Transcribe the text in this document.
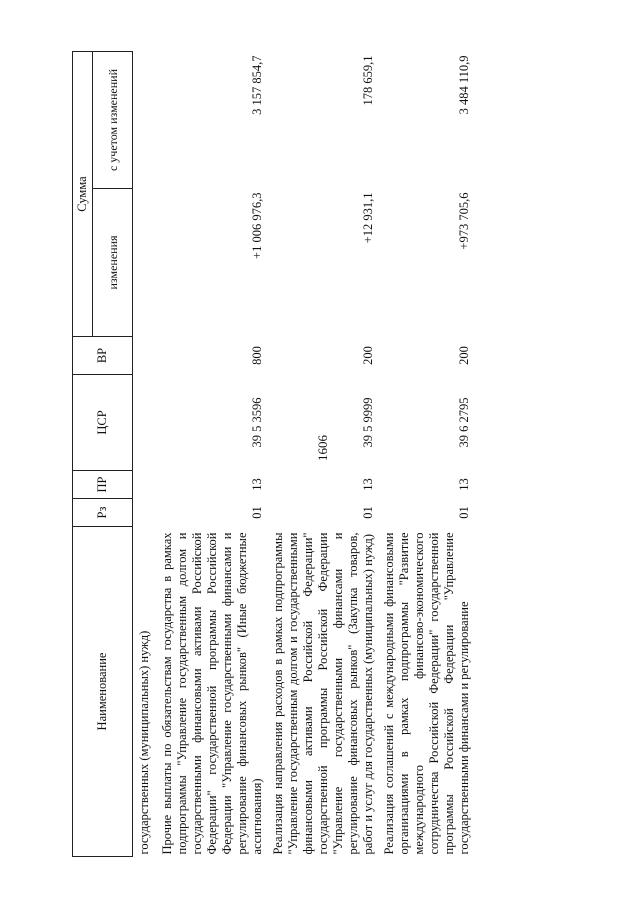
1606
Наименование	Рз	ПР	ЦСР	ВР	Сумма	
					изменения	с учетом изменений
государственных (муниципальных) нужд)						
Прочие выплаты по обязательствам государства в рамках подпрограммы "Управление государственным долгом и государственными финансовыми активами Российской Федерации" государственной программы Российской Федерации "Управление государственными финансами и регулирование финансовых рынков" (Иные бюджетные ассигнования)	01	13	39 5 3596	800	+1 006 976,3	3 157 854,7
Реализация направления расходов в рамках подпрограммы "Управление государственным долгом и государственными финансовыми активами Российской Федерации" государственной программы Российской Федерации "Управление государственными финансами и регулирование финансовых рынков" (Закупка товаров, работ и услуг для государственных (муниципальных) нужд)	01	13	39 5 9999	200	+12 931,1	178 659,1
Реализация соглашений с международными финансовыми организациями в рамках подпрограммы "Развитие международного финансово-экономического сотрудничества Российской Федерации" государственной программы Российской Федерации "Управление государственными финансами и регулирование	01	13	39 6 2795	200	+973 705,6	3 484 110,9
